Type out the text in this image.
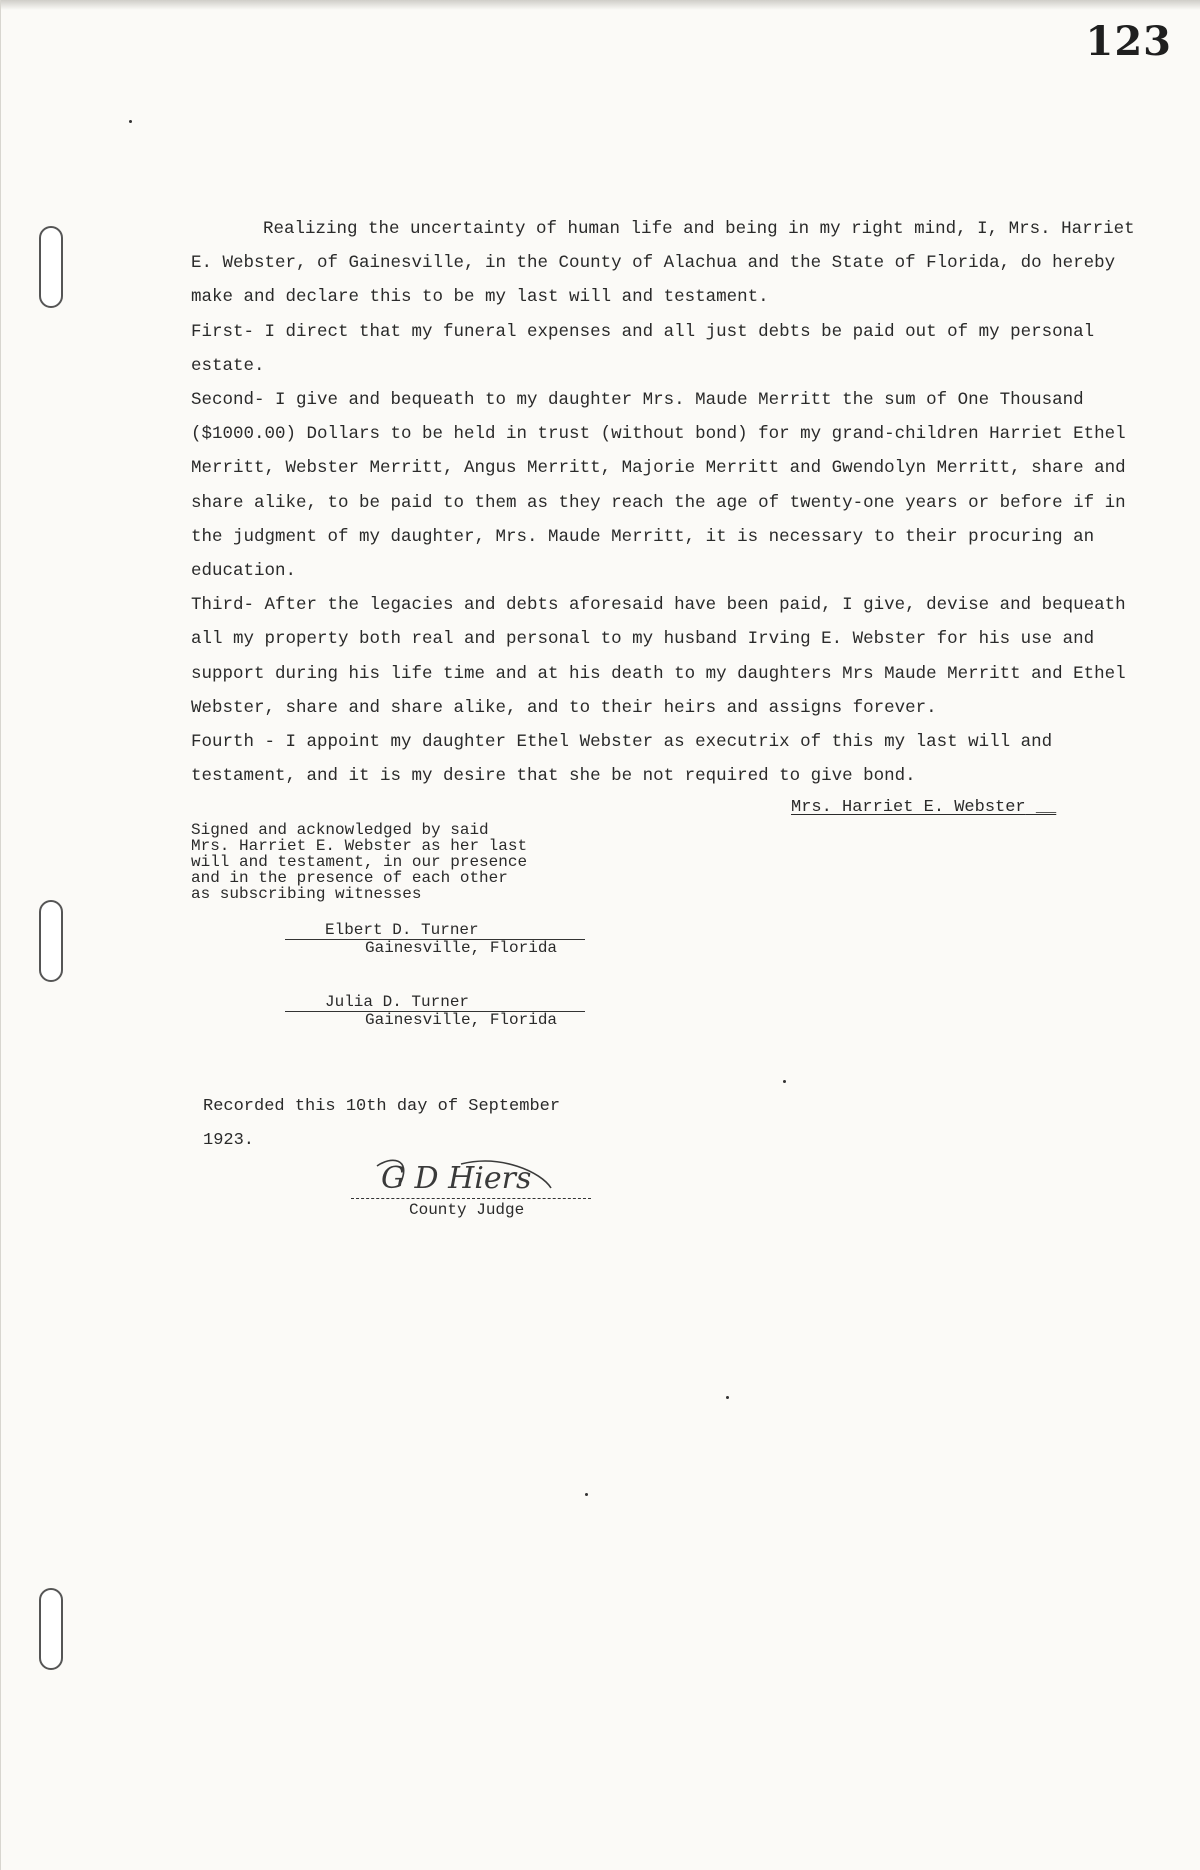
123

Realizing the uncertainty of human life and being in my right mind, I, Mrs. Harriet E. Webster, of Gainesville, in the County of Alachua and the State of Florida, do hereby make and declare this to be my last will and testament.

First- I direct that my funeral expenses and all just debts be paid out of my personal estate.

Second- I give and bequeath to my daughter Mrs. Maude Merritt the sum of One Thousand ($1000.00) Dollars to be held in trust (without bond) for my grand-children Harriet Ethel Merritt, Webster Merritt, Angus Merritt, Majorie Merritt and Gwendolyn Merritt, share and share alike, to be paid to them as they reach the age of twenty-one years or before if in the judgment of my daughter, Mrs. Maude Merritt, it is necessary to their procuring an education.

Third- After the legacies and debts aforesaid have been paid, I give, devise and bequeath all my property both real and personal to my husband Irving E. Webster for his use and support during his life time and at his death to my daughters Mrs Maude Merritt and Ethel Webster, share and share alike, and to their heirs and assigns forever.

Fourth - I appoint my daughter Ethel Webster as executrix of this my last will and testament, and it is my desire that she be not required to give bond.

Mrs. Harriet E. Webster __
Signed and acknowledged by said
Mrs. Harriet E. Webster as her last
will and testament, in our presence
and in the presence of each other
as subscribing witnesses
Elbert D. Turner
Gainesville, Florida
Julia D. Turner
Gainesville, Florida
Recorded this 10th day of September
1923.
G D Hiers
County Judge
